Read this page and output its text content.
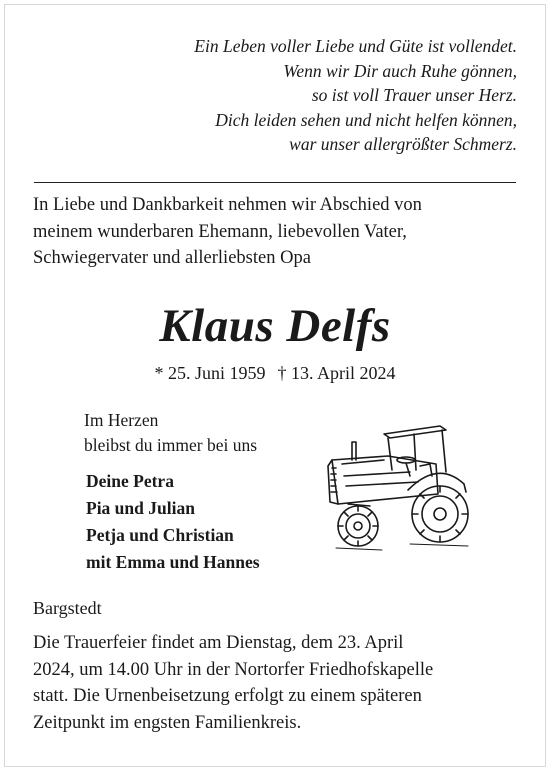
Ein Leben voller Liebe und Güte ist vollendet.
Wenn wir Dir auch Ruhe gönnen,
so ist voll Trauer unser Herz.
Dich leiden sehen und nicht helfen können,
war unser allergrößter Schmerz.
In Liebe und Dankbarkeit nehmen wir Abschied von
meinem wunderbaren Ehemann, liebevollen Vater,
Schwiegervater und allerliebsten Opa
Klaus Delfs
* 25. Juni 1959 † 13. April 2024
Im Herzen
bleibst du immer bei uns
Deine Petra
Pia und Julian
Petja und Christian
mit Emma und Hannes
Bargstedt
Die Trauerfeier findet am Dienstag, dem 23. April
2024, um 14.00 Uhr in der Nortorfer Friedhofskapelle
statt. Die Urnenbeisetzung erfolgt zu einem späteren
Zeitpunkt im engsten Familienkreis.
